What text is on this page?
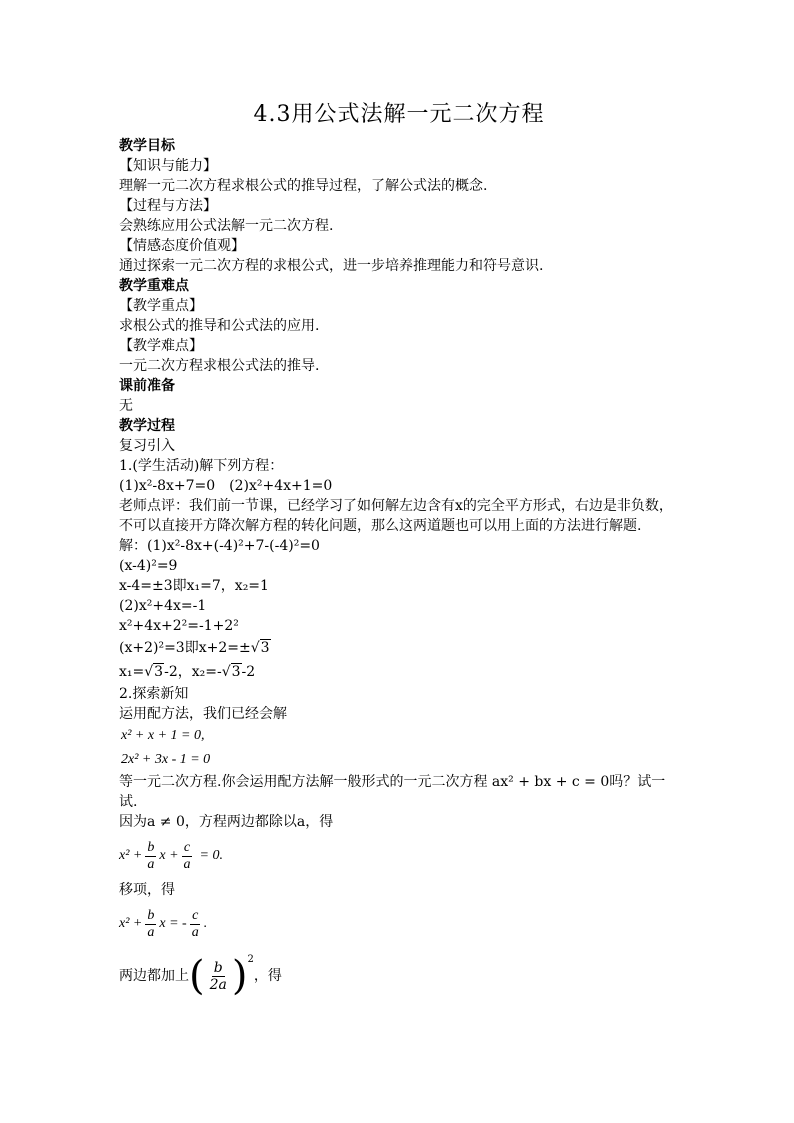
4.3用公式法解一元二次方程
教学目标
【知识与能力】
理解一元二次方程求根公式的推导过程，了解公式法的概念.
【过程与方法】
会熟练应用公式法解一元二次方程.
【情感态度价值观】
通过探索一元二次方程的求根公式，进一步培养推理能力和符号意识.
教学重难点
【教学重点】
求根公式的推导和公式法的应用.
【教学难点】
一元二次方程求根公式法的推导.
课前准备
无
教学过程
复习引入
1.(学生活动)解下列方程：
(1)x²-8x+7=0　(2)x²+4x+1=0
老师点评：我们前一节课，已经学习了如何解左边含有x的完全平方形式，右边是非负数，不可以直接开方降次解方程的转化问题，那么这两道题也可以用上面的方法进行解题.
解：(1)x²-8x+(-4)²+7-(-4)²=0
(x-4)²=9
x-4=±3即x₁=7，x₂=1
(2)x²+4x=-1
x²+4x+2²=-1+2²
(x+2)²=3即x+2=±√3
x₁=√3-2，x₂=-√3-2
2.探索新知
运用配方法，我们已经会解
x² + x + 1 = 0,
2x² + 3x - 1 = 0
等一元二次方程.你会运用配方法解一般形式的一元二次方程 ax² + bx + c = 0吗？试一试.
因为a ≠ 0，方程两边都除以a，得
$x^2 + \frac{b}{a}$ $x + \frac{c}{a} = 0$.
移项，得
$x^2 + \frac{b}{a}$ x = - $\frac{c}{a}$ .
两边都加上 ( $\frac{b}{2a} )^2$
，得
